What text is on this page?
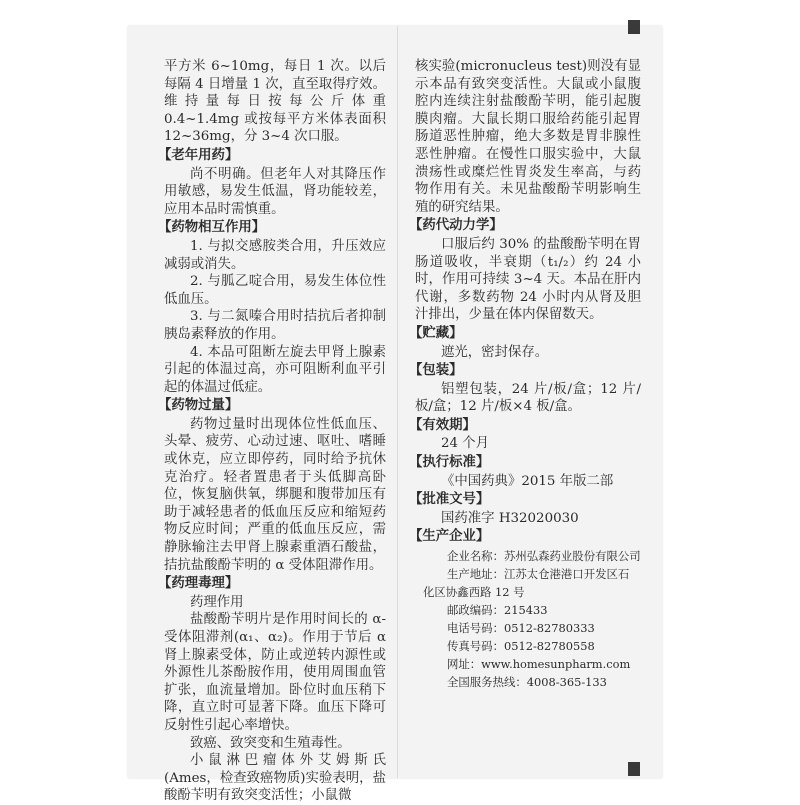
平方米 6~10mg，每日 1 次。以后每隔 4 日增量 1 次，直至取得疗效。维持量每日按每公斤体重 0.4~1.4mg 或按每平方米体表面积 12~36mg，分 3~4 次口服。

【老年用药】

尚不明确。但老年人对其降压作用敏感，易发生低温，肾功能较差，应用本品时需慎重。

【药物相互作用】

1. 与拟交感胺类合用，升压效应减弱或消失。

2. 与胍乙啶合用，易发生体位性低血压。

3. 与二氮嗪合用时拮抗后者抑制胰岛素释放的作用。

4. 本品可阻断左旋去甲肾上腺素引起的体温过高，亦可阻断利血平引起的体温过低症。

【药物过量】

药物过量时出现体位性低血压、头晕、疲劳、心动过速、呕吐、嗜睡或休克，应立即停药，同时给予抗休克治疗。轻者置患者于头低脚高卧位，恢复脑供氧，绑腿和腹带加压有助于减轻患者的低血压反应和缩短药物反应时间；严重的低血压反应，需静脉输注去甲肾上腺素重酒石酸盐，拮抗盐酸酚苄明的 α 受体阻滞作用。

【药理毒理】

药理作用

盐酸酚苄明片是作用时间长的 α-受体阻滞剂(α₁、α₂)。作用于节后 α 肾上腺素受体，防止或逆转内源性或外源性儿茶酚胺作用，使用周围血管扩张，血流量增加。卧位时血压稍下降，直立时可显著下降。血压下降可反射性引起心率增快。

致癌、致突变和生殖毒性。

小鼠淋巴瘤体外艾姆斯氏(Ames，检查致癌物质)实验表明，盐酸酚苄明有致突变活性；小鼠微

核实验(micronucleus test)则没有显示本品有致突变活性。大鼠或小鼠腹腔内连续注射盐酸酚苄明，能引起腹膜肉瘤。大鼠长期口服给药能引起胃肠道恶性肿瘤，绝大多数是胃非腺性恶性肿瘤。在慢性口服实验中，大鼠溃疡性或糜烂性胃炎发生率高，与药物作用有关。未见盐酸酚苄明影响生殖的研究结果。

【药代动力学】

口服后约 30% 的盐酸酚苄明在胃肠道吸收，半衰期（t₁/₂）约 24 小时，作用可持续 3~4 天。本品在肝内代谢，多数药物 24 小时内从肾及胆汁排出，少量在体内保留数天。

【贮藏】

遮光，密封保存。

【包装】

铝塑包装，24 片/板/盒；12 片/板/盒；12 片/板×4 板/盒。

【有效期】

24 个月

【执行标准】

《中国药典》2015 年版二部

【批准文号】

国药准字 H32020030

【生产企业】

企业名称：苏州弘森药业股份有限公司

生产地址：江苏太仓港港口开发区石

化区协鑫西路 12 号

邮政编码：215433

电话号码：0512-82780333

传真号码：0512-82780558

网址：www.homesunpharm.com

全国服务热线：4008-365-133
